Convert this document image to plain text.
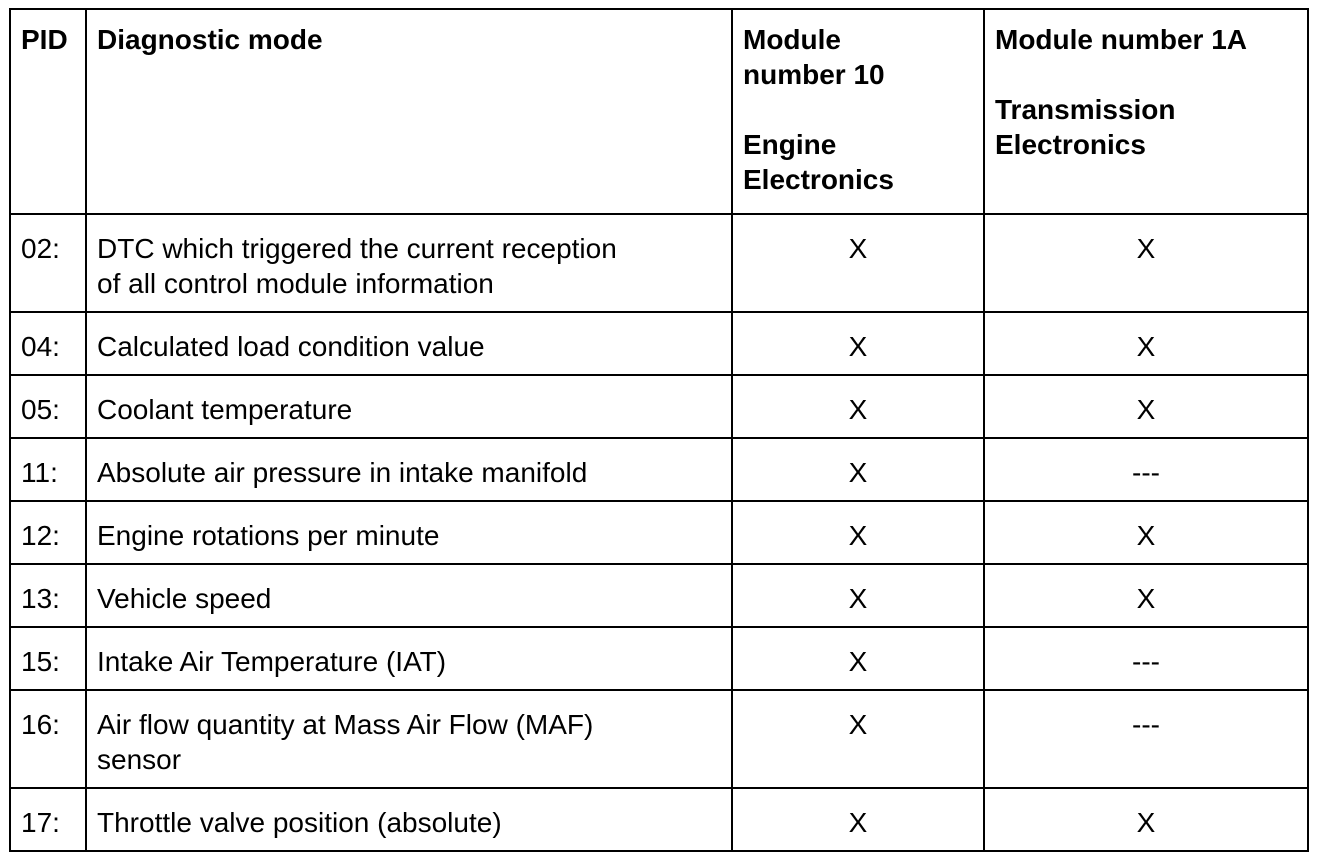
PID	Diagnostic mode	Module
number 10

Engine
Electronics	Module number 1A

Transmission
Electronics

02:	DTC which triggered the current reception
of all control module information	X	X
04:	Calculated load condition value	X	X
05:	Coolant temperature	X	X
11:	Absolute air pressure in intake manifold	X	---
12:	Engine rotations per minute	X	X
13:	Vehicle speed	X	X
15:	Intake Air Temperature (IAT)	X	---
16:	Air flow quantity at Mass Air Flow (MAF)
sensor	X	---
17:	Throttle valve position (absolute)	X	X
